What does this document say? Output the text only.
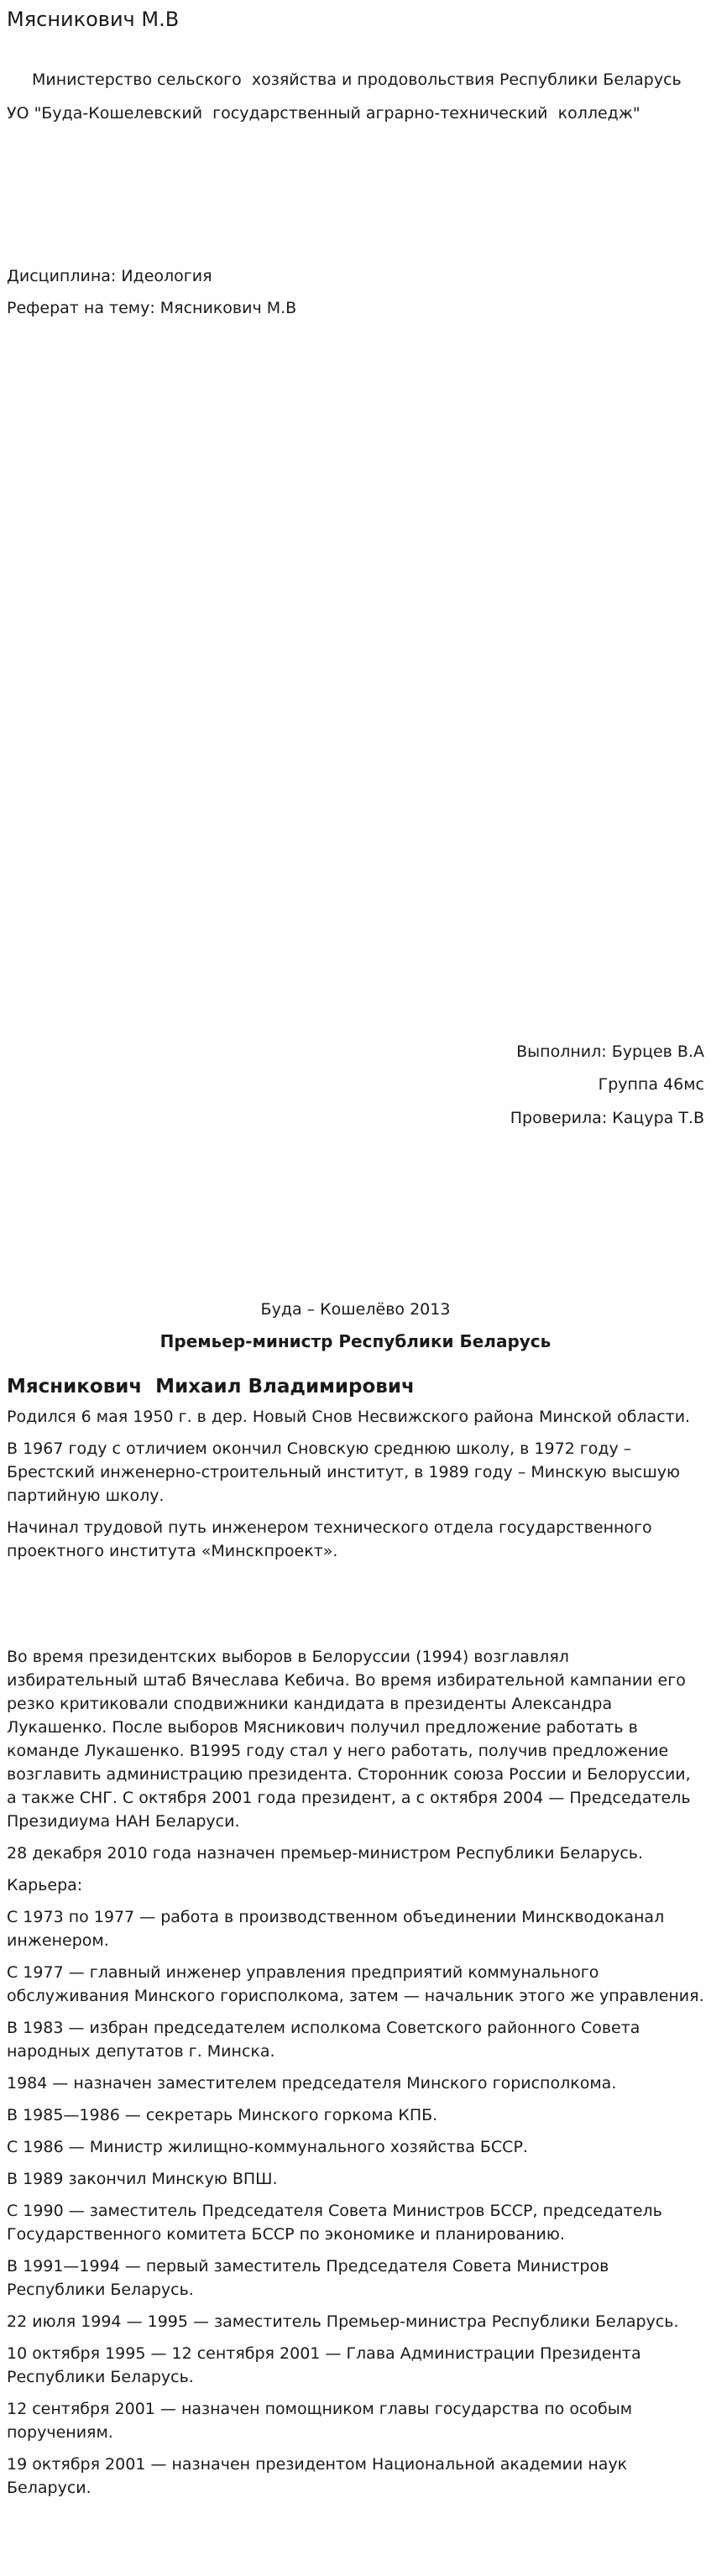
Мясникович М.В

Министерство сельского  хозяйства и продовольствия Республики Беларусь

УО "Буда-Кошелевский  государственный аграрно-технический  колледж"

Дисциплина: Идеология

Реферат на тему: Мясникович М.В

Выполнил: Бурцев В.А

Группа 46мс

Проверила: Кацура Т.В

Буда – Кошелёво 2013

Премьер-министр Республики Беларусь

Мясникович  Михаил Владимирович

Родился 6 мая 1950 г. в дер. Новый Снов Несвижского района Минской области.

В 1967 году с отличием окончил Сновскую среднюю школу, в 1972 году – Брестский инженерно-строительный институт, в 1989 году – Минскую высшую партийную школу.

Начинал трудовой путь инженером технического отдела государственного проектного института «Минскпроект».

Во время президентских выборов в Белоруссии (1994) возглавлял избирательный штаб Вячеслава Кебича. Во время избирательной кампании его резко критиковали сподвижники кандидата в президенты Александра Лукашенко. После выборов Мясникович получил предложение работать в команде Лукашенко. В1995 году стал у него работать, получив предложение возглавить администрацию президента. Сторонник союза России и Белоруссии, а также СНГ. С октября 2001 года президент, а с октября 2004 — Председатель Президиума НАН Беларуси.

28 декабря 2010 года назначен премьер-министром Республики Беларусь.

Карьера:

С 1973 по 1977 — работа в производственном объединении Минскводоканал инженером.

С 1977 — главный инженер управления предприятий коммунального обслуживания Минского горисполкома, затем — начальник этого же управления.

В 1983 — избран председателем исполкома Советского районного Совета народных депутатов г. Минска.

1984 — назначен заместителем председателя Минского горисполкома.

В 1985—1986 — секретарь Минского горкома КПБ.

С 1986 — Министр жилищно-коммунального хозяйства БССР.

В 1989 закончил Минскую ВПШ.

С 1990 — заместитель Председателя Совета Министров БССР, председатель Государственного комитета БССР по экономике и планированию.

В 1991—1994 — первый заместитель Председателя Совета Министров Республики Беларусь.

22 июля 1994 — 1995 — заместитель Премьер-министра Республики Беларусь.

10 октября 1995 — 12 сентября 2001 — Глава Администрации Президента Республики Беларусь.

12 сентября 2001 — назначен помощником главы государства по особым поручениям.

19 октября 2001 — назначен президентом Национальной академии наук Беларуси.
